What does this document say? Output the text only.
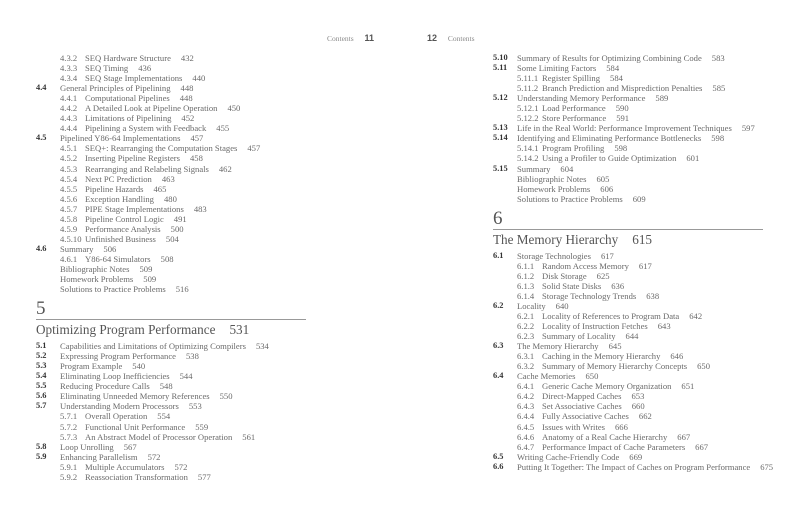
Contents 11
4.3.2 SEQ Hardware Structure 432
4.3.3 SEQ Timing 436
4.3.4 SEQ Stage Implementations 440
4.4 General Principles of Pipelining 448
4.4.1 Computational Pipelines 448
4.4.2 A Detailed Look at Pipeline Operation 450
4.4.3 Limitations of Pipelining 452
4.4.4 Pipelining a System with Feedback 455
4.5 Pipelined Y86-64 Implementations 457
4.5.1 SEQ+: Rearranging the Computation Stages 457
4.5.2 Inserting Pipeline Registers 458
4.5.3 Rearranging and Relabeling Signals 462
4.5.4 Next PC Prediction 463
4.5.5 Pipeline Hazards 465
4.5.6 Exception Handling 480
4.5.7 PIPE Stage Implementations 483
4.5.8 Pipeline Control Logic 491
4.5.9 Performance Analysis 500
4.5.10 Unfinished Business 504
4.6 Summary 506
4.6.1 Y86-64 Simulators 508
Bibliographic Notes 509
Homework Problems 509
Solutions to Practice Problems 516
5
Optimizing Program Performance 531
5.1 Capabilities and Limitations of Optimizing Compilers 534
5.2 Expressing Program Performance 538
5.3 Program Example 540
5.4 Eliminating Loop Inefficiencies 544
5.5 Reducing Procedure Calls 548
5.6 Eliminating Unneeded Memory References 550
5.7 Understanding Modern Processors 553
5.7.1 Overall Operation 554
5.7.2 Functional Unit Performance 559
5.7.3 An Abstract Model of Processor Operation 561
5.8 Loop Unrolling 567
5.9 Enhancing Parallelism 572
5.9.1 Multiple Accumulators 572
5.9.2 Reassociation Transformation 577
12 Contents
5.10 Summary of Results for Optimizing Combining Code 583
5.11 Some Limiting Factors 584
5.11.1 Register Spilling 584
5.11.2 Branch Prediction and Misprediction Penalties 585
5.12 Understanding Memory Performance 589
5.12.1 Load Performance 590
5.12.2 Store Performance 591
5.13 Life in the Real World: Performance Improvement Techniques 597
5.14 Identifying and Eliminating Performance Bottlenecks 598
5.14.1 Program Profiling 598
5.14.2 Using a Profiler to Guide Optimization 601
5.15 Summary 604
Bibliographic Notes 605
Homework Problems 606
Solutions to Practice Problems 609
6
The Memory Hierarchy 615
6.1 Storage Technologies 617
6.1.1 Random Access Memory 617
6.1.2 Disk Storage 625
6.1.3 Solid State Disks 636
6.1.4 Storage Technology Trends 638
6.2 Locality 640
6.2.1 Locality of References to Program Data 642
6.2.2 Locality of Instruction Fetches 643
6.2.3 Summary of Locality 644
6.3 The Memory Hierarchy 645
6.3.1 Caching in the Memory Hierarchy 646
6.3.2 Summary of Memory Hierarchy Concepts 650
6.4 Cache Memories 650
6.4.1 Generic Cache Memory Organization 651
6.4.2 Direct-Mapped Caches 653
6.4.3 Set Associative Caches 660
6.4.4 Fully Associative Caches 662
6.4.5 Issues with Writes 666
6.4.6 Anatomy of a Real Cache Hierarchy 667
6.4.7 Performance Impact of Cache Parameters 667
6.5 Writing Cache-Friendly Code 669
6.6 Putting It Together: The Impact of Caches on Program Performance 675
